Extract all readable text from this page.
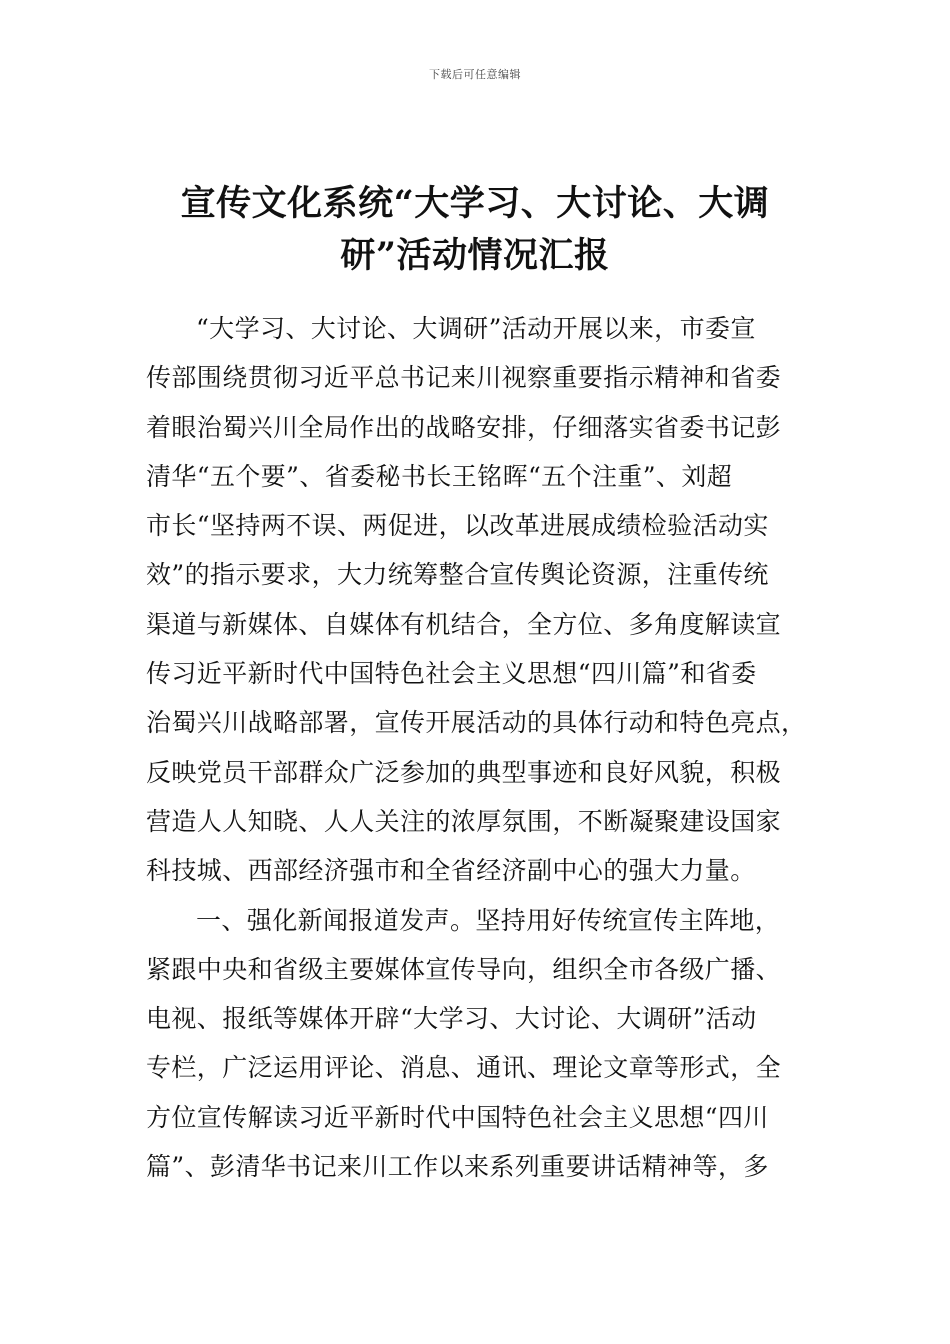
下载后可任意编辑
宣传文化系统“大学习、大讨论、大调
研”活动情况汇报
“大学习、大讨论、大调研”活动开展以来，市委宣
传部围绕贯彻习近平总书记来川视察重要指示精神和省委
着眼治蜀兴川全局作出的战略安排，仔细落实省委书记彭
清华“五个要”、省委秘书长王铭晖“五个注重”、刘超
市长“坚持两不误、两促进，以改革进展成绩检验活动实
效”的指示要求，大力统筹整合宣传舆论资源，注重传统
渠道与新媒体、自媒体有机结合，全方位、多角度解读宣
传习近平新时代中国特色社会主义思想“四川篇”和省委
治蜀兴川战略部署，宣传开展活动的具体行动和特色亮点，
反映党员干部群众广泛参加的典型事迹和良好风貌，积极
营造人人知晓、人人关注的浓厚氛围，不断凝聚建设国家
科技城、西部经济强市和全省经济副中心的强大力量。
一、强化新闻报道发声。坚持用好传统宣传主阵地，
紧跟中央和省级主要媒体宣传导向，组织全市各级广播、
电视、报纸等媒体开辟“大学习、大讨论、大调研”活动
专栏，广泛运用评论、消息、通讯、理论文章等形式，全
方位宣传解读习近平新时代中国特色社会主义思想“四川
篇”、彭清华书记来川工作以来系列重要讲话精神等，多
